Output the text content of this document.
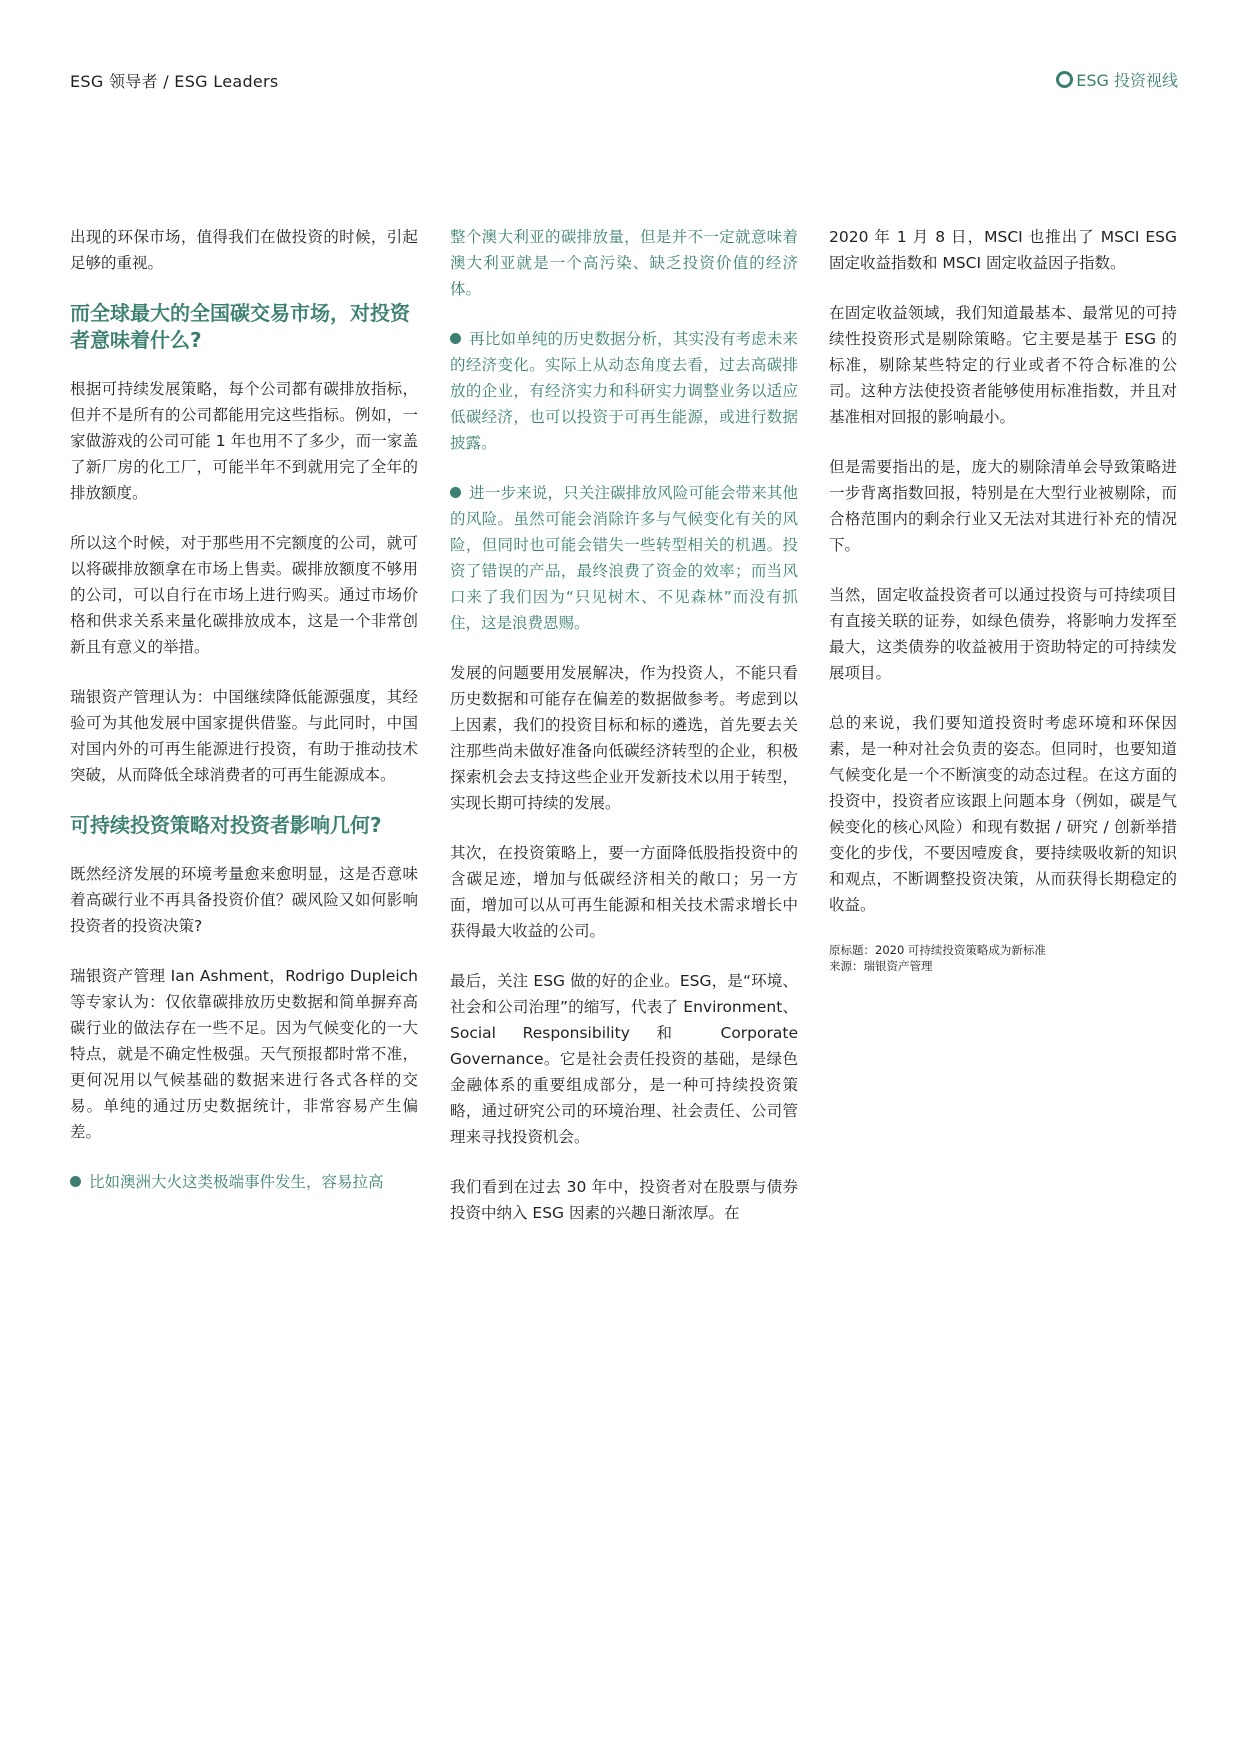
ESG 领导者 / ESG Leaders	ESG 投资视线

出现的环保市场，值得我们在做投资的时候，引起足够的重视。

而全球最大的全国碳交易市场，对投资者意味着什么?

根据可持续发展策略，每个公司都有碳排放指标，但并不是所有的公司都能用完这些指标。例如，一家做游戏的公司可能 1 年也用不了多少，而一家盖了新厂房的化工厂，可能半年不到就用完了全年的排放额度。

所以这个时候，对于那些用不完额度的公司，就可以将碳排放额拿在市场上售卖。碳排放额度不够用的公司，可以自行在市场上进行购买。通过市场价格和供求关系来量化碳排放成本，这是一个非常创新且有意义的举措。

瑞银资产管理认为：中国继续降低能源强度，其经验可为其他发展中国家提供借鉴。与此同时，中国对国内外的可再生能源进行投资，有助于推动技术突破，从而降低全球消费者的可再生能源成本。

可持续投资策略对投资者影响几何?

既然经济发展的环境考量愈来愈明显，这是否意味着高碳行业不再具备投资价值？碳风险又如何影响投资者的投资决策?

瑞银资产管理 Ian Ashment，Rodrigo Dupleich 等专家认为：仅依靠碳排放历史数据和简单摒弃高碳行业的做法存在一些不足。因为气候变化的一大特点，就是不确定性极强。天气预报都时常不准，更何况用以气候基础的数据来进行各式各样的交易。单纯的通过历史数据统计，非常容易产生偏差。

比如澳洲大火这类极端事件发生，容易拉高

整个澳大利亚的碳排放量，但是并不一定就意味着澳大利亚就是一个高污染、缺乏投资价值的经济体。

再比如单纯的历史数据分析，其实没有考虑未来的经济变化。实际上从动态角度去看，过去高碳排放的企业，有经济实力和科研实力调整业务以适应低碳经济，也可以投资于可再生能源，或进行数据披露。

进一步来说，只关注碳排放风险可能会带来其他的风险。虽然可能会消除许多与气候变化有关的风险，但同时也可能会错失一些转型相关的机遇。投资了错误的产品，最终浪费了资金的效率；而当风口来了我们因为“只见树木、不见森林”而没有抓住，这是浪费恩赐。

发展的问题要用发展解决，作为投资人，不能只看历史数据和可能存在偏差的数据做参考。考虑到以上因素，我们的投资目标和标的遴选，首先要去关注那些尚未做好准备向低碳经济转型的企业，积极探索机会去支持这些企业开发新技术以用于转型，实现长期可持续的发展。

其次，在投资策略上，要一方面降低股指投资中的含碳足迹，增加与低碳经济相关的敞口；另一方面，增加可以从可再生能源和相关技术需求增长中获得最大收益的公司。

最后，关注 ESG 做的好的企业。ESG，是“环境、社会和公司治理”的缩写，代表了 Environment、Social Responsibility 和 Corporate Governance。它是社会责任投资的基础，是绿色金融体系的重要组成部分，是一种可持续投资策略，通过研究公司的环境治理、社会责任、公司管理来寻找投资机会。

我们看到在过去 30 年中，投资者对在股票与债券投资中纳入 ESG 因素的兴趣日渐浓厚。在

2020 年 1 月 8 日，MSCI 也推出了 MSCI ESG 固定收益指数和 MSCI 固定收益因子指数。

在固定收益领域，我们知道最基本、最常见的可持续性投资形式是剔除策略。它主要是基于 ESG 的标准，剔除某些特定的行业或者不符合标准的公司。这种方法使投资者能够使用标准指数，并且对基准相对回报的影响最小。

但是需要指出的是，庞大的剔除清单会导致策略进一步背离指数回报，特别是在大型行业被剔除，而合格范围内的剩余行业又无法对其进行补充的情况下。

当然，固定收益投资者可以通过投资与可持续项目有直接关联的证券，如绿色债券，将影响力发挥至最大，这类债券的收益被用于资助特定的可持续发展项目。

总的来说，我们要知道投资时考虑环境和环保因素，是一种对社会负责的姿态。但同时，也要知道气候变化是一个不断演变的动态过程。在这方面的投资中，投资者应该跟上问题本身（例如，碳是气候变化的核心风险）和现有数据 / 研究 / 创新举措变化的步伐，不要因噎废食，要持续吸收新的知识和观点，不断调整投资决策，从而获得长期稳定的收益。

原标题：2020 可持续投资策略成为新标准
来源：瑞银资产管理
